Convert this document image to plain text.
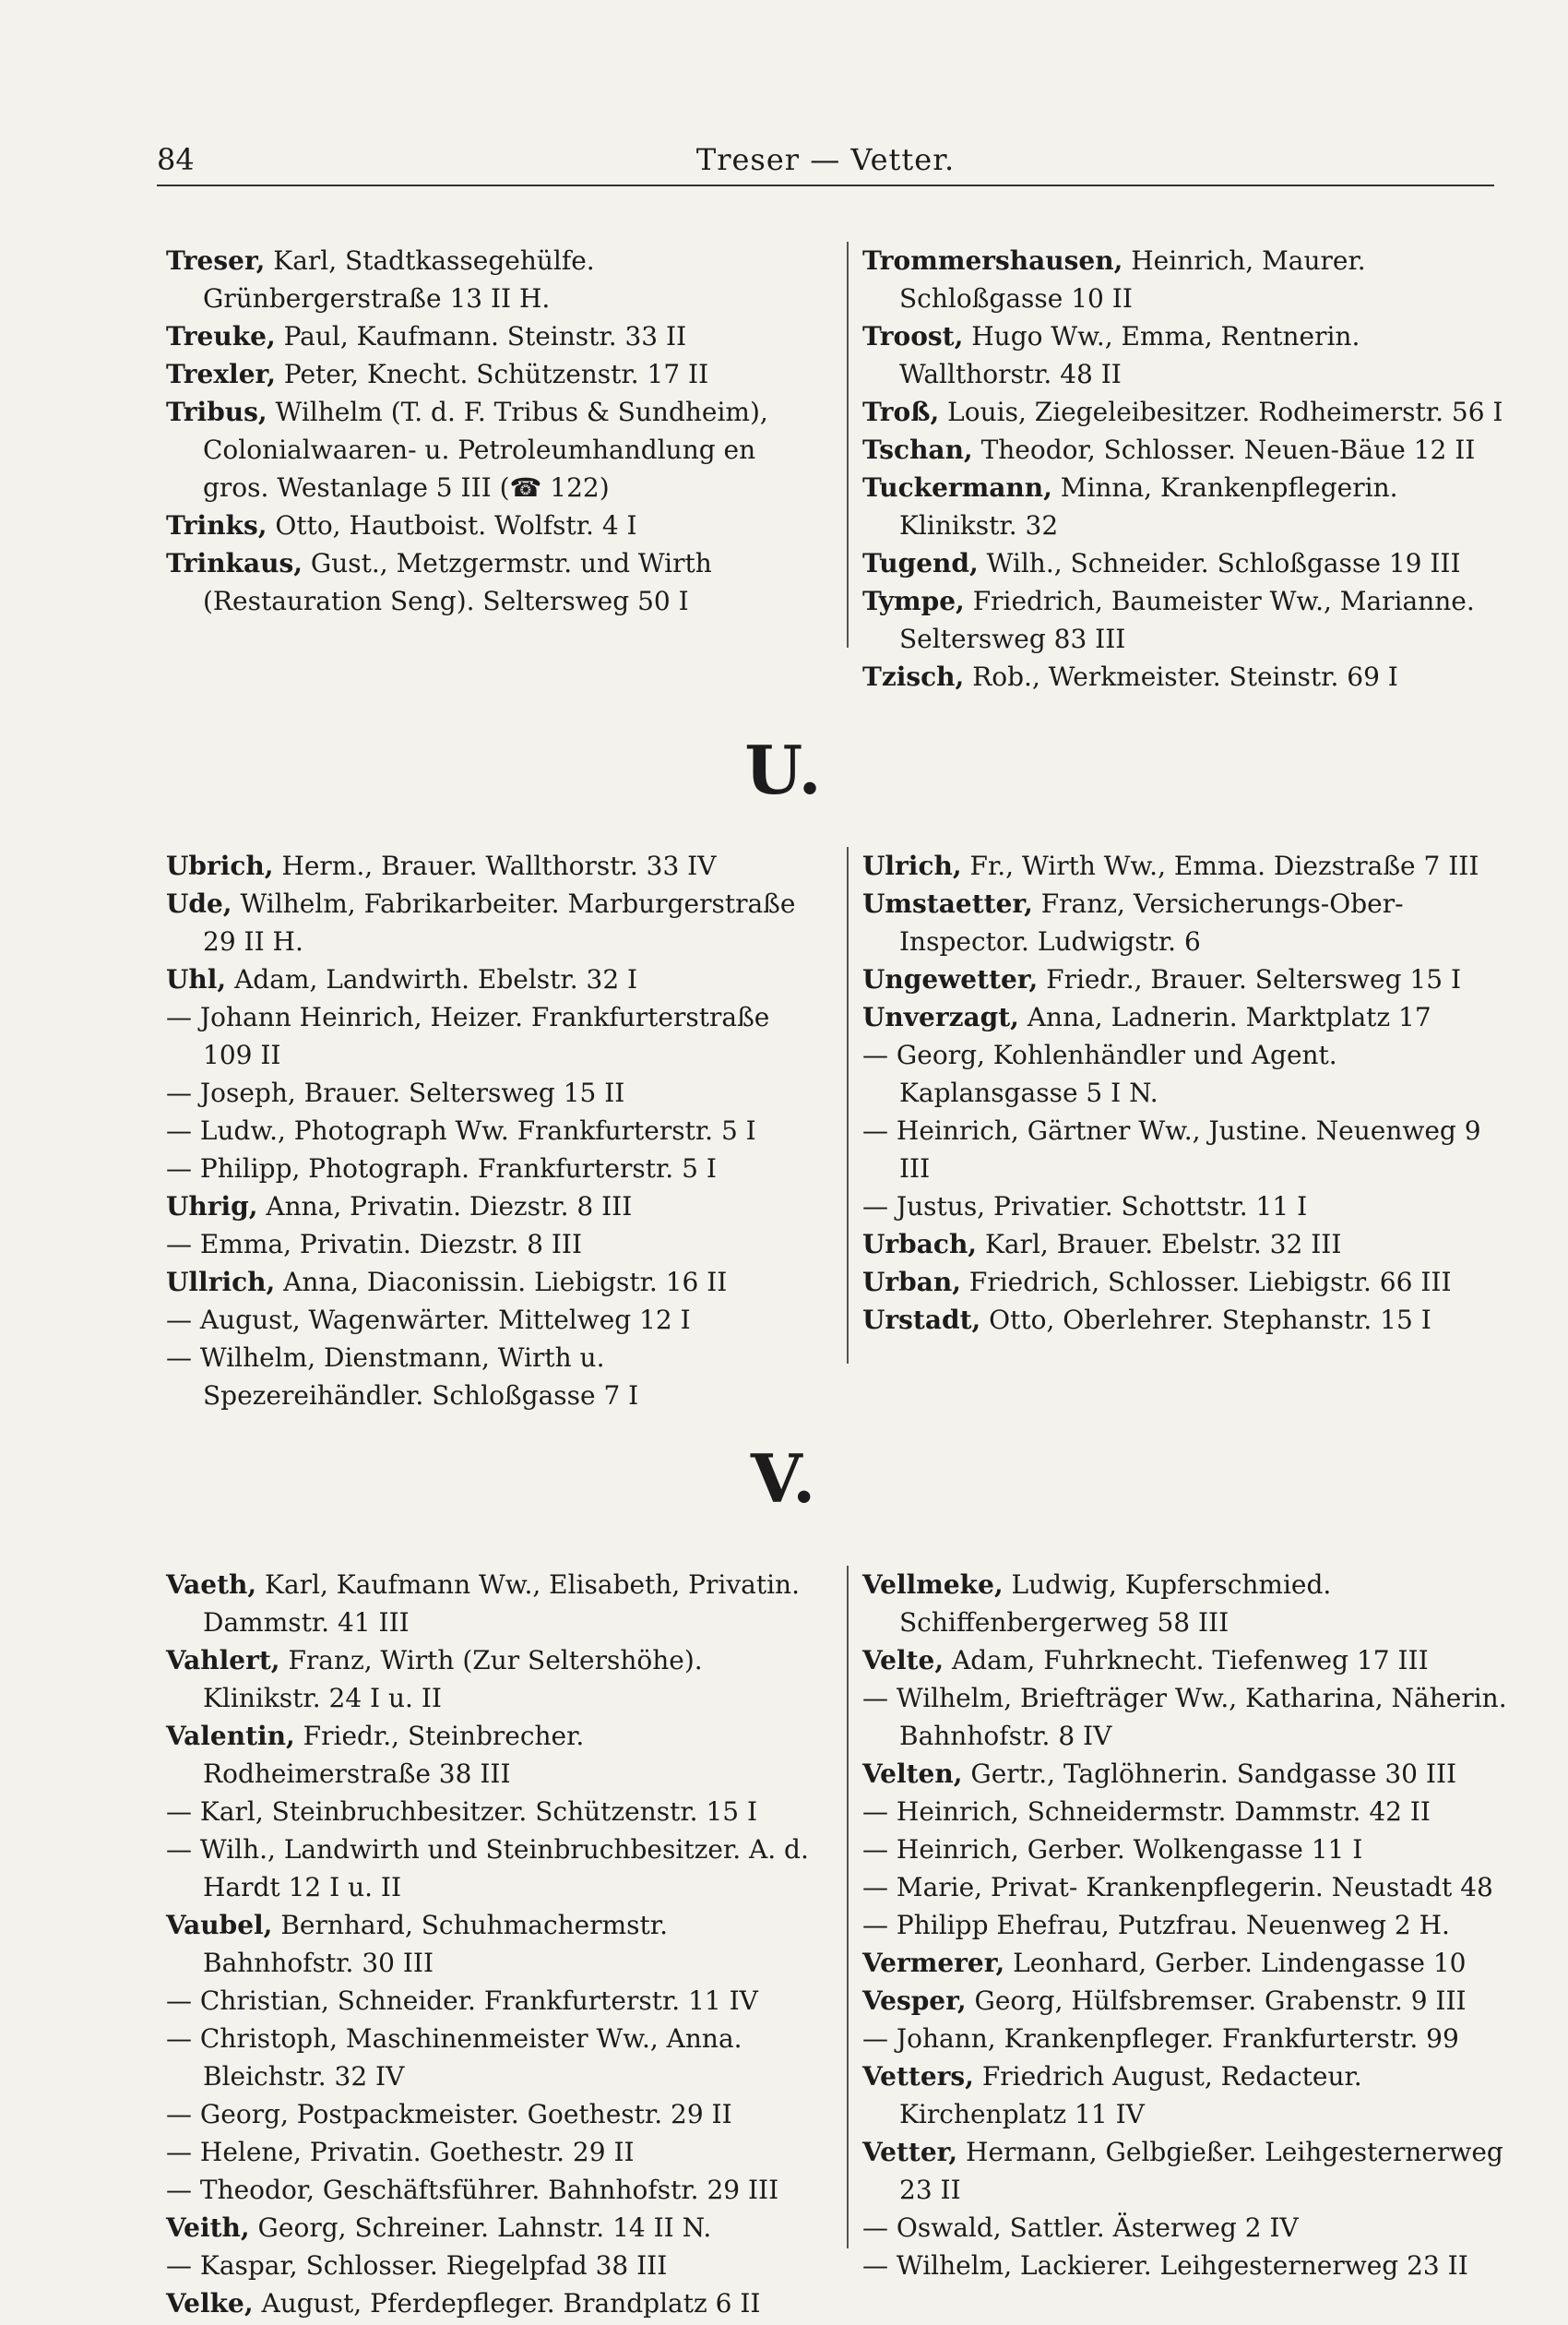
84	Treser — Vetter.
Treser, Karl, Stadtkassegehülfe. Grünbergerstraße 13 II H.
Treuke, Paul, Kaufmann. Steinstr. 33 II
Trexler, Peter, Knecht. Schützenstr. 17 II
Tribus, Wilhelm (T. d. F. Tribus & Sundheim), Colonialwaaren- u. Petroleumhandlung en gros. Westanlage 5 III (☎ 122)
Trinks, Otto, Hautboist. Wolfstr. 4 I
Trinkaus, Gust., Metzgermstr. und Wirth (Restauration Seng). Seltersweg 50 I
Trommershausen, Heinrich, Maurer. Schloßgasse 10 II
Troost, Hugo Ww., Emma, Rentnerin. Wallthorstr. 48 II
Troß, Louis, Ziegeleibesitzer. Rodheimerstr. 56 I
Tschan, Theodor, Schlosser. Neuen-Bäue 12 II
Tuckermann, Minna, Krankenpflegerin. Klinikstr. 32
Tugend, Wilh., Schneider. Schloßgasse 19 III
Tympe, Friedrich, Baumeister Ww., Marianne. Seltersweg 83 III
Tzisch, Rob., Werkmeister. Steinstr. 69 I
U.
Ubrich, Herm., Brauer. Wallthorstr. 33 IV
Ude, Wilhelm, Fabrikarbeiter. Marburgerstraße 29 II H.
Uhl, Adam, Landwirth. Ebelstr. 32 I
— Johann Heinrich, Heizer. Frankfurterstraße 109 II
— Joseph, Brauer. Seltersweg 15 II
— Ludw., Photograph Ww. Frankfurterstr. 5 I
— Philipp, Photograph. Frankfurterstr. 5 I
Uhrig, Anna, Privatin. Diezstr. 8 III
— Emma, Privatin. Diezstr. 8 III
Ullrich, Anna, Diaconissin. Liebigstr. 16 II
— August, Wagenwärter. Mittelweg 12 I
— Wilhelm, Dienstmann, Wirth u. Spezereihändler. Schloßgasse 7 I
Ulrich, Fr., Wirth Ww., Emma. Diezstraße 7 III
Umstaetter, Franz, Versicherungs-Ober-Inspector. Ludwigstr. 6
Ungewetter, Friedr., Brauer. Seltersweg 15 I
Unverzagt, Anna, Ladnerin. Marktplatz 17
— Georg, Kohlenhändler und Agent. Kaplansgasse 5 I N.
— Heinrich, Gärtner Ww., Justine. Neuenweg 9 III
— Justus, Privatier. Schottstr. 11 I
Urbach, Karl, Brauer. Ebelstr. 32 III
Urban, Friedrich, Schlosser. Liebigstr. 66 III
Urstadt, Otto, Oberlehrer. Stephanstr. 15 I
V.
Vaeth, Karl, Kaufmann Ww., Elisabeth, Privatin. Dammstr. 41 III
Vahlert, Franz, Wirth (Zur Seltershöhe). Klinikstr. 24 I u. II
Valentin, Friedr., Steinbrecher. Rodheimerstraße 38 III
— Karl, Steinbruchbesitzer. Schützenstr. 15 I
— Wilh., Landwirth und Steinbruchbesitzer. A. d. Hardt 12 I u. II
Vaubel, Bernhard, Schuhmachermstr. Bahnhofstr. 30 III
— Christian, Schneider. Frankfurterstr. 11 IV
— Christoph, Maschinenmeister Ww., Anna. Bleichstr. 32 IV
— Georg, Postpackmeister. Goethestr. 29 II
— Helene, Privatin. Goethestr. 29 II
— Theodor, Geschäftsführer. Bahnhofstr. 29 III
Veith, Georg, Schreiner. Lahnstr. 14 II N.
— Kaspar, Schlosser. Riegelpfad 38 III
Velke, August, Pferdepfleger. Brandplatz 6 II
Vellmeke, Ludwig, Kupferschmied. Schiffenbergerweg 58 III
Velte, Adam, Fuhrknecht. Tiefenweg 17 III
— Wilhelm, Briefträger Ww., Katharina, Näherin. Bahnhofstr. 8 IV
Velten, Gertr., Taglöhnerin. Sandgasse 30 III
— Heinrich, Schneidermstr. Dammstr. 42 II
— Heinrich, Gerber. Wolkengasse 11 I
— Marie, Privat- Krankenpflegerin. Neustadt 48
— Philipp Ehefrau, Putzfrau. Neuenweg 2 H.
Vermerer, Leonhard, Gerber. Lindengasse 10
Vesper, Georg, Hülfsbremser. Grabenstr. 9 III
— Johann, Krankenpfleger. Frankfurterstr. 99
Vetters, Friedrich August, Redacteur. Kirchenplatz 11 IV
Vetter, Hermann, Gelbgießer. Leihgesternerweg 23 II
— Oswald, Sattler. Ästerweg 2 IV
— Wilhelm, Lackierer. Leihgesternerweg 23 II
